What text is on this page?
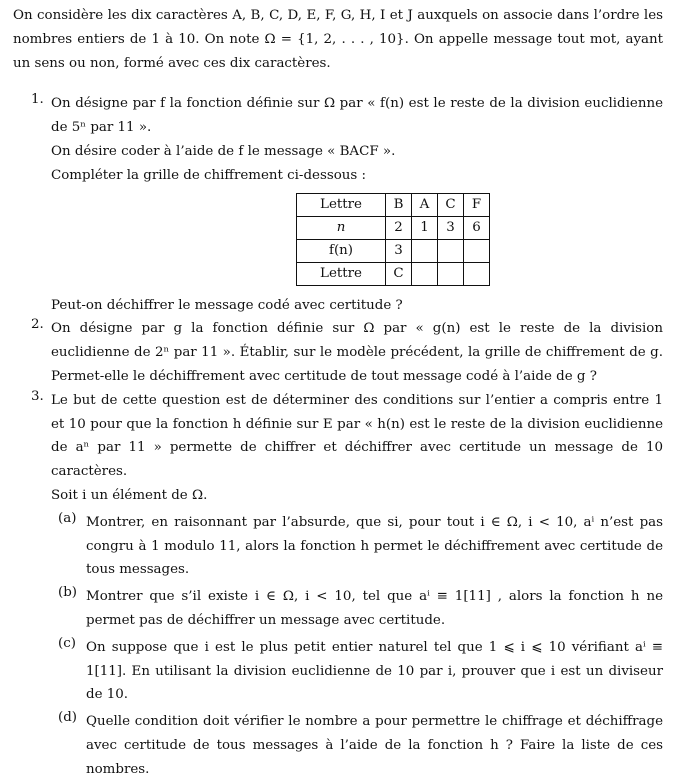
On considère les dix caractères A, B, C, D, E, F, G, H, I et J auxquels on associe dans l’ordre les nombres entiers de 1 à 10. On note Ω = {1, 2, . . . , 10}. On appelle message tout mot, ayant un sens ou non, formé avec ces dix caractères.

1. On désigne par f la fonction définie sur Ω par « f(n) est le reste de la division euclidienne de 5ⁿ par 11 ».

On désire coder à l’aide de f le message « BACF ».

Compléter la grille de chiffrement ci-dessous :

Lettre	B	A	C	F
n	2	1	3	6
f(n)	3			
Lettre	C			

Peut-on déchiffrer le message codé avec certitude ?

2. On désigne par g la fonction définie sur Ω par « g(n) est le reste de la division euclidienne de 2ⁿ par 11 ». Établir, sur le modèle précédent, la grille de chiffrement de g. Permet-elle le déchiffrement avec certitude de tout message codé à l’aide de g ?

3. Le but de cette question est de déterminer des conditions sur l’entier a compris entre 1 et 10 pour que la fonction h définie sur E par « h(n) est le reste de la division euclidienne de aⁿ par 11 » permette de chiffrer et déchiffrer avec certitude un message de 10 caractères.

Soit i un élément de Ω.

(a) Montrer, en raisonnant par l’absurde, que si, pour tout i ∈ Ω, i < 10, aⁱ n’est pas congru à 1 modulo 11, alors la fonction h permet le déchiffrement avec certitude de tous messages.

(b) Montrer que s’il existe i ∈ Ω, i < 10, tel que aⁱ ≡ 1[11] , alors la fonction h ne permet pas de déchiffrer un message avec certitude.

(c) On suppose que i est le plus petit entier naturel tel que 1 ⩽ i ⩽ 10 vérifiant aⁱ ≡ 1[11]. En utilisant la division euclidienne de 10 par i, prouver que i est un diviseur de 10.

(d) Quelle condition doit vérifier le nombre a pour permettre le chiffrage et déchiffrage avec certitude de tous messages à l’aide de la fonction h ? Faire la liste de ces nombres.
